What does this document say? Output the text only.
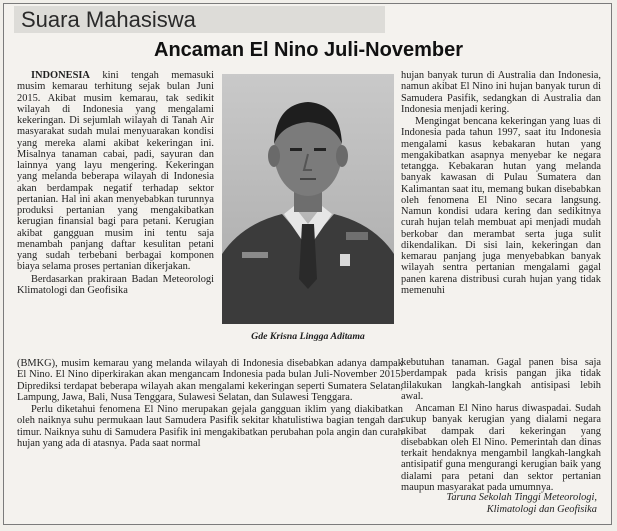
Suara Mahasiswa
Ancaman El Nino Juli-November
Gde Krisna Lingga Aditama

INDONESIA kini tengah memasuki musim kemarau terhitung sejak bulan Juni 2015. Akibat musim kemarau, tak sedikit wilayah di Indonesia yang mengalami kekeringan. Di sejumlah wilayah di Tanah Air masyarakat sudah mulai menyuarakan kondisi yang mereka alami akibat kekeringan ini. Misalnya tanaman cabai, padi, sayuran dan lainnya yang layu mengering. Kekeringan yang melanda beberapa wilayah di Indonesia akan berdampak negatif terhadap sektor pertanian. Hal ini akan menyebabkan turunnya produksi pertanian yang mengakibatkan kerugian finansial bagi para petani. Kerugian akibat gangguan musim ini tentu saja menambah panjang daftar kesulitan petani yang sudah terbebani berbagai komponen biaya selama proses pertanian dikerjakan.

Berdasarkan prakiraan Badan Meteorologi Klimatologi dan Geofisika

hujan banyak turun di Australia dan Indonesia, namun akibat El Nino ini hujan banyak turun di Samudera Pasifik, sedangkan di Australia dan Indonesia menjadi kering.

Mengingat bencana kekeringan yang luas di Indonesia pada tahun 1997, saat itu Indonesia mengalami kasus kebakaran hutan yang mengakibatkan asapnya menyebar ke negara tetangga. Kebakaran hutan yang melanda banyak kawasan di Pulau Sumatera dan Kalimantan saat itu, memang bukan disebabkan oleh fenomena El Nino secara langsung. Namun kondisi udara kering dan sedikitnya curah hujan telah membuat api menjadi mudah berkobar dan merambat serta juga sulit dikendalikan. Di sisi lain, kekeringan dan kemarau panjang juga menyebabkan banyak wilayah sentra pertanian mengalami gagal panen karena distribusi curah hujan yang tidak memenuhi

(BMKG), musim kemarau yang melanda wilayah di Indonesia disebabkan adanya dampak El Nino. El Nino diperkirakan akan mengancam Indonesia pada bulan Juli-November 2015. Diprediksi terdapat beberapa wilayah akan mengalami kekeringan seperti Sumatera Selatan, Lampung, Jawa, Bali, Nusa Tenggara, Sulawesi Selatan, dan Sulawesi Tenggara.

Perlu diketahui fenomena El Nino merupakan gejala gangguan iklim yang diakibatkan oleh naiknya suhu permukaan laut Samudera Pasifik sekitar khatulistiwa bagian tengah dan timur. Naiknya suhu di Samudera Pasifik ini mengakibatkan perubahan pola angin dan curah hujan yang ada di atasnya. Pada saat normal

kebutuhan tanaman. Gagal panen bisa saja berdampak pada krisis pangan jika tidak dilakukan langkah-langkah antisipasi lebih awal.

Ancaman El Nino harus diwaspadai. Sudah cukup banyak kerugian yang dialami negara akibat dampak dari kekeringan yang disebabkan oleh El Nino. Pemerintah dan dinas terkait hendaknya mengambil langkah-langkah antisipatif guna mengurangi kerugian baik yang dialami para petani dan sektor pertanian maupun masyarakat pada umumnya.

Taruna Sekolah Tinggi Meteorologi,
Klimatologi dan Geofisika
